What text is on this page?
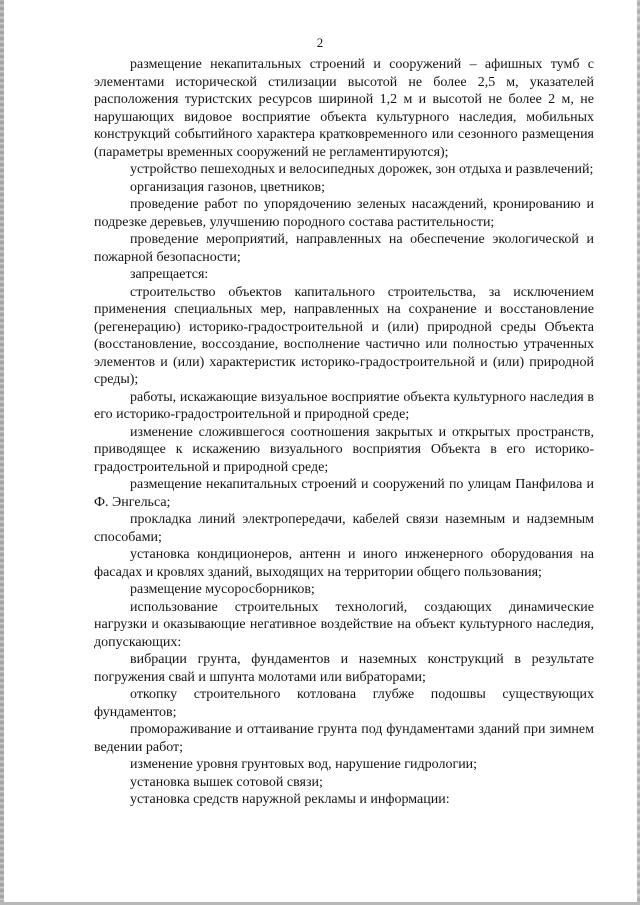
2

размещение некапитальных строений и сооружений – афишных тумб с элементами исторической стилизации высотой не более 2,5 м, указателей расположения туристских ресурсов шириной 1,2 м и высотой не более 2 м, не нарушающих видовое восприятие объекта культурного наследия, мобильных конструкций событийного характера кратковременного или сезонного размещения (параметры временных сооружений не регламентируются);

устройство пешеходных и велосипедных дорожек, зон отдыха и развлечений;

организация газонов, цветников;

проведение работ по упорядочению зеленых насаждений, кронированию и подрезке деревьев, улучшению породного состава растительности;

проведение мероприятий, направленных на обеспечение экологической и пожарной безопасности;

запрещается:

строительство объектов капитального строительства, за исключением применения специальных мер, направленных на сохранение и восстановление (регенерацию) историко-градостроительной и (или) природной среды Объекта (восстановление, воссоздание, восполнение частично или полностью утраченных элементов и (или) характеристик историко-градостроительной и (или) природной среды);

работы, искажающие визуальное восприятие объекта культурного наследия в его историко-градостроительной и природной среде;

изменение сложившегося соотношения закрытых и открытых пространств, приводящее к искажению визуального восприятия Объекта в его историко-градостроительной и природной среде;

размещение некапитальных строений и сооружений по улицам Панфилова и Ф. Энгельса;

прокладка линий электропередачи, кабелей связи наземным и надземным способами;

установка кондиционеров, антенн и иного инженерного оборудования на фасадах и кровлях зданий, выходящих на территории общего пользования;

размещение мусоросборников;

использование строительных технологий, создающих динамические нагрузки и оказывающие негативное воздействие на объект культурного наследия, допускающих:

вибрации грунта, фундаментов и наземных конструкций в результате погружения свай и шпунта молотами или вибраторами;

откопку строительного котлована глубже подошвы существующих фундаментов;

промораживание и оттаивание грунта под фундаментами зданий при зимнем ведении работ;

изменение уровня грунтовых вод, нарушение гидрологии;

установка вышек сотовой связи;

установка средств наружной рекламы и информации:
